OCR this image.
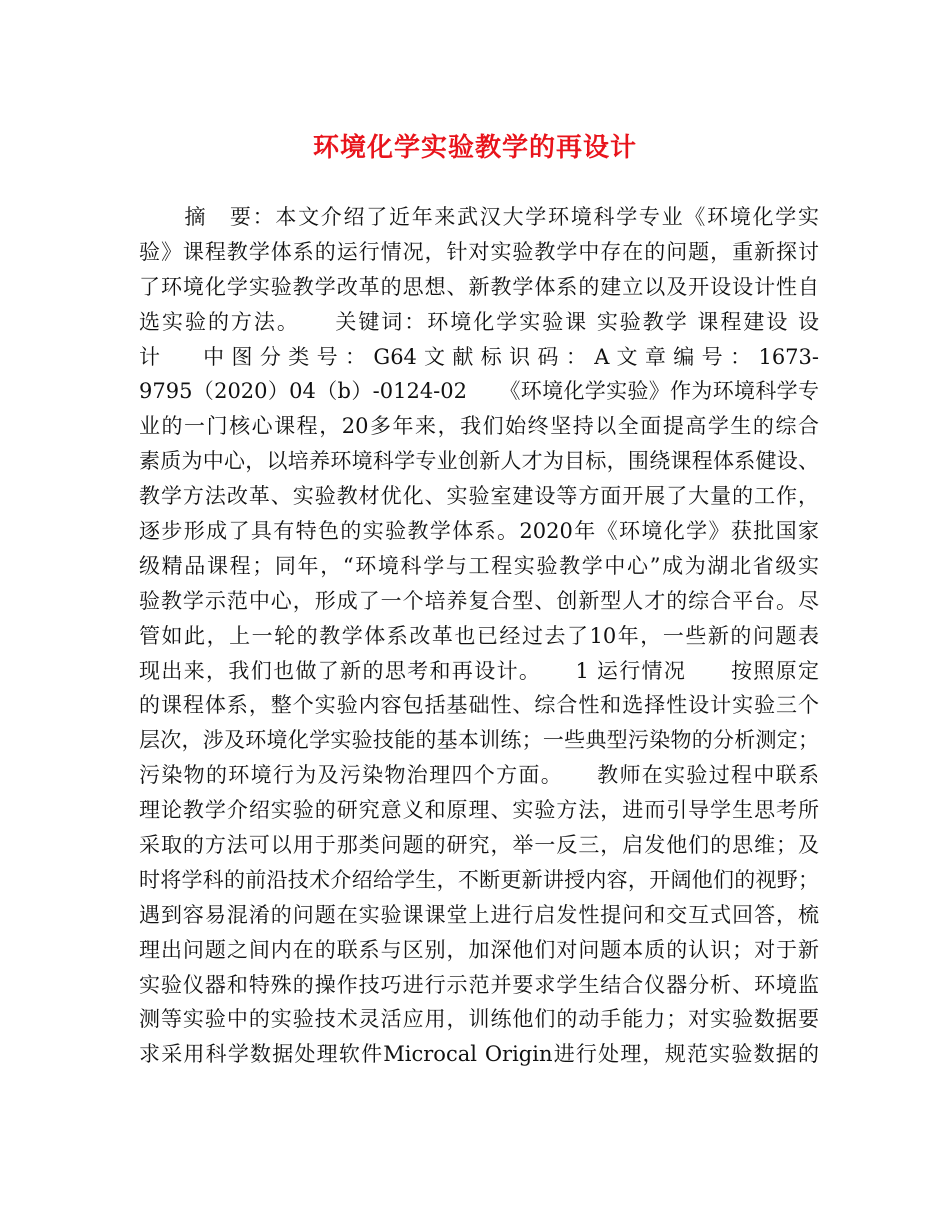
环境化学实验教学的再设计
　　摘　要：本文介绍了近年来武汉大学环境科学专业《环境化学实
验》课程教学体系的运行情况，针对实验教学中存在的问题，重新探讨
了环境化学实验教学改革的思想、新教学体系的建立以及开设设计性自
选实验的方法。　　关键词：环境化学实验课 实验教学 课程建设 设
计　　中 图 分 类 号 ： G64 文 献 标 识 码 ： A 文 章 编 号 ： 1673-
9795（2020）04（b）-0124-02　　《环境化学实验》作为环境科学专
业的一门核心课程，20多年来，我们始终坚持以全面提高学生的综合
素质为中心，以培养环境科学专业创新人才为目标，围绕课程体系健设、
教学方法改革、实验教材优化、实验室建设等方面开展了大量的工作，
逐步形成了具有特色的实验教学体系。2020年《环境化学》获批国家
级精品课程；同年，“环境科学与工程实验教学中心”成为湖北省级实
验教学示范中心，形成了一个培养复合型、创新型人才的综合平台。尽
管如此，上一轮的教学体系改革也已经过去了10年，一些新的问题表
现出来，我们也做了新的思考和再设计。　　1 运行情况　　按照原定
的课程体系，整个实验内容包括基础性、综合性和选择性设计实验三个
层次，涉及环境化学实验技能的基本训练；一些典型污染物的分析测定；
污染物的环境行为及污染物治理四个方面。　　教师在实验过程中联系
理论教学介绍实验的研究意义和原理、实验方法，进而引导学生思考所
采取的方法可以用于那类问题的研究，举一反三，启发他们的思维；及
时将学科的前沿技术介绍给学生，不断更新讲授内容，开阔他们的视野；
遇到容易混淆的问题在实验课课堂上进行启发性提问和交互式回答，梳
理出问题之间内在的联系与区别，加深他们对问题本质的认识；对于新
实验仪器和特殊的操作技巧进行示范并要求学生结合仪器分析、环境监
测等实验中的实验技术灵活应用，训练他们的动手能力；对实验数据要
求采用科学数据处理软件Microcal Origin进行处理，规范实验数据的
